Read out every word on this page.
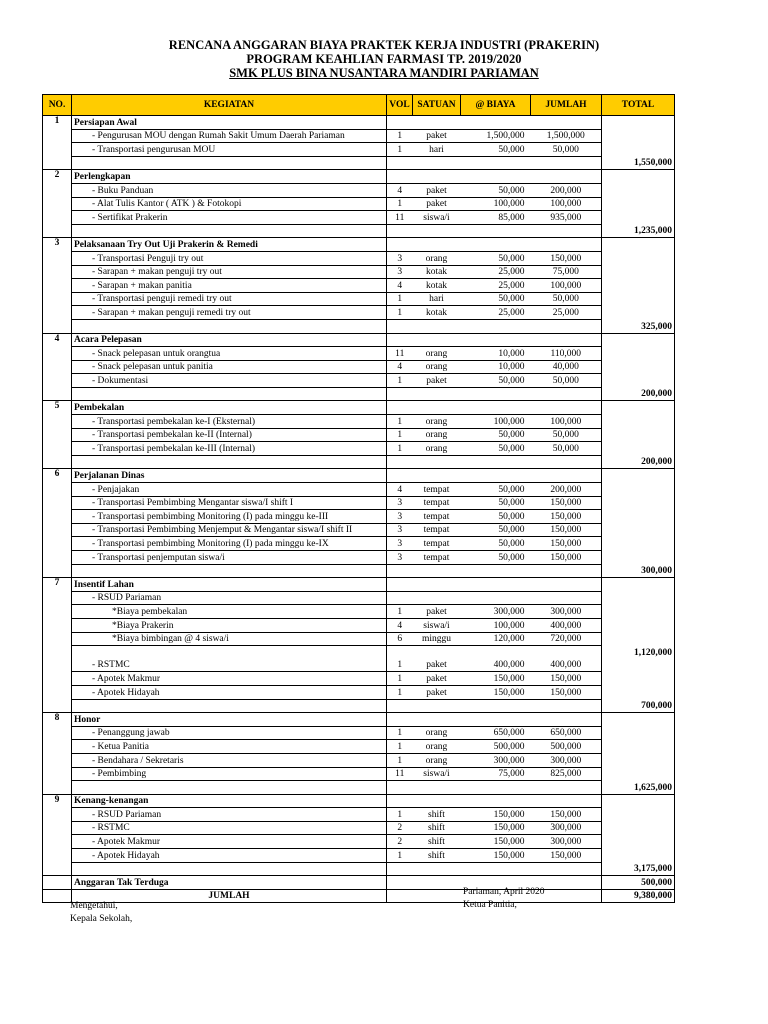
RENCANA ANGGARAN BIAYA PRAKTEK KERJA INDUSTRI (PRAKERIN)
PROGRAM KEAHLIAN FARMASI TP. 2019/2020
SMK PLUS BINA NUSANTARA MANDIRI PARIAMAN
NO.	KEGIATAN	VOL	SATUAN	@ BIAYA	JUMLAH	TOTAL
1	Persiapan Awal					
	- Pengurusan MOU dengan Rumah Sakit Umum Daerah Pariaman	1	paket	1,500,000	1,500,000	
	- Transportasi pengurusan MOU	1	hari	50,000	50,000	
						1,550,000
2	Perlengkapan					
	- Buku Panduan	4	paket	50,000	200,000	
	- Alat Tulis Kantor ( ATK ) & Fotokopi	1	paket	100,000	100,000	
	- Sertifikat Prakerin	11	siswa/i	85,000	935,000	
						1,235,000
3	Pelaksanaan Try Out Uji Prakerin & Remedi					
	- Transportasi Penguji try out	3	orang	50,000	150,000	
	- Sarapan + makan penguji try out	3	kotak	25,000	75,000	
	- Sarapan + makan panitia	4	kotak	25,000	100,000	
	- Transportasi penguji remedi try out	1	hari	50,000	50,000	
	- Sarapan + makan penguji remedi try out	1	kotak	25,000	25,000	
						325,000
4	Acara Pelepasan					
	- Snack pelepasan untuk orangtua	11	orang	10,000	110,000	
	- Snack pelepasan untuk panitia	4	orang	10,000	40,000	
	- Dokumentasi	1	paket	50,000	50,000	
						200,000
5	Pembekalan					
	- Transportasi pembekalan ke-I (Eksternal)	1	orang	100,000	100,000	
	- Transportasi pembekalan ke-II (Internal)	1	orang	50,000	50,000	
	- Transportasi pembekalan ke-III (Internal)	1	orang	50,000	50,000	
						200,000
6	Perjalanan Dinas					
	- Penjajakan	4	tempat	50,000	200,000	
	- Transportasi Pembimbing Mengantar siswa/I shift I	3	tempat	50,000	150,000	
	- Transportasi pembimbing Monitoring (I) pada minggu ke-III	3	tempat	50,000	150,000	
	- Transportasi Pembimbing Menjemput & Mengantar siswa/I shift II	3	tempat	50,000	150,000	
	- Transportasi pembimbing Monitoring (I) pada minggu ke-IX	3	tempat	50,000	150,000	
	- Transportasi penjemputan siswa/i	3	tempat	50,000	150,000	
						300,000
7	Insentif Lahan					
	- RSUD Pariaman					
	*Biaya pembekalan	1	paket	300,000	300,000	
	*Biaya Prakerin	4	siswa/i	100,000	400,000	
	*Biaya bimbingan @ 4 siswa/i	6	minggu	120,000	720,000	
						1,120,000
	- RSTMC	1	paket	400,000	400,000	
	- Apotek Makmur	1	paket	150,000	150,000	
	- Apotek Hidayah	1	paket	150,000	150,000	
						700,000
8	Honor					
	- Penanggung jawab	1	orang	650,000	650,000	
	- Ketua Panitia	1	orang	500,000	500,000	
	- Bendahara / Sekretaris	1	orang	300,000	300,000	
	- Pembimbing	11	siswa/i	75,000	825,000	
						1,625,000
9	Kenang-kenangan					
	- RSUD Pariaman	1	shift	150,000	150,000	
	- RSTMC	2	shift	150,000	300,000	
	- Apotek Makmur	2	shift	150,000	300,000	
	- Apotek Hidayah	1	shift	150,000	150,000	
						3,175,000
	Anggaran Tak Terduga					500,000
	JUMLAH					9,380,000
Pariaman, April 2020
Ketua Panitia,
Mengetahui,
Kepala Sekolah,
